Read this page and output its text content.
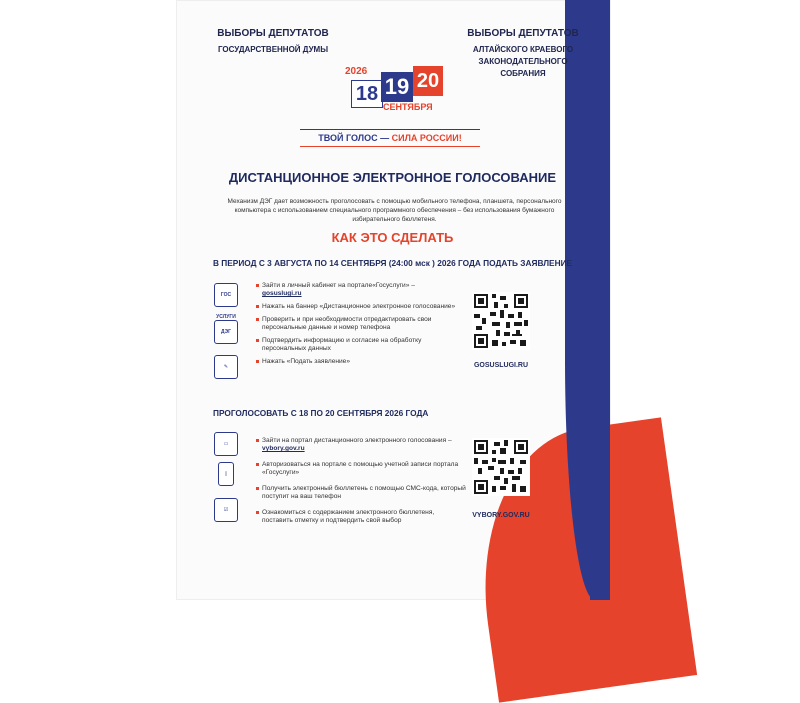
ВЫБОРЫ ДЕПУТАТОВ
ГОСУДАРСТВЕННОЙ ДУМЫ
ВЫБОРЫ ДЕПУТАТОВ
АЛТАЙСКОГО КРАЕВОГО
ЗАКОНОДАТЕЛЬНОГО
СОБРАНИЯ
2026
18 19 20
СЕНТЯБРЯ
ТВОЙ ГОЛОС — СИЛА РОССИИ!
ДИСТАНЦИОННОЕ ЭЛЕКТРОННОЕ ГОЛОСОВАНИЕ
Механизм ДЭГ дает возможность проголосовать с помощью мобильного телефона, планшета, персонального компьютера с использованием специального программного обеспечения – без использования бумажного избирательного бюллетеня.
КАК ЭТО СДЕЛАТЬ
В ПЕРИОД С 3 АВГУСТА ПО 14 СЕНТЯБРЯ (24:00 мск ) 2026 ГОДА ПОДАТЬ ЗАЯВЛЕНИЕ
ГОС УСЛУГИ
ДЭГ
✎
Зайти в личный кабинет на портале«Госуслуги» –
gosuslugi.ru
Нажать на баннер «Дистанционное электронное голосование»
Проверить и при необходимости отредактировать свои персональные данные и номер телефона
Подтвердить информацию и согласие на обработку персональных данных
Нажать «Подать заявление»
GOSUSLUGI.RU
ПРОГОЛОСОВАТЬ С 18 ПО 20 СЕНТЯБРЯ 2026 ГОДА
▭
▯
☑
Зайти на портал дистанционного электронного голосования –
vybory.gov.ru
Авторизоваться на портале с помощью учетной записи портала «Госуслуги»
Получить электронный бюллетень с помощью СМС-кода, который поступит на ваш телефон
Ознакомиться с содержанием электронного бюллетеня, поставить отметку и подтвердить свой выбор
VYBORY.GOV.RU
